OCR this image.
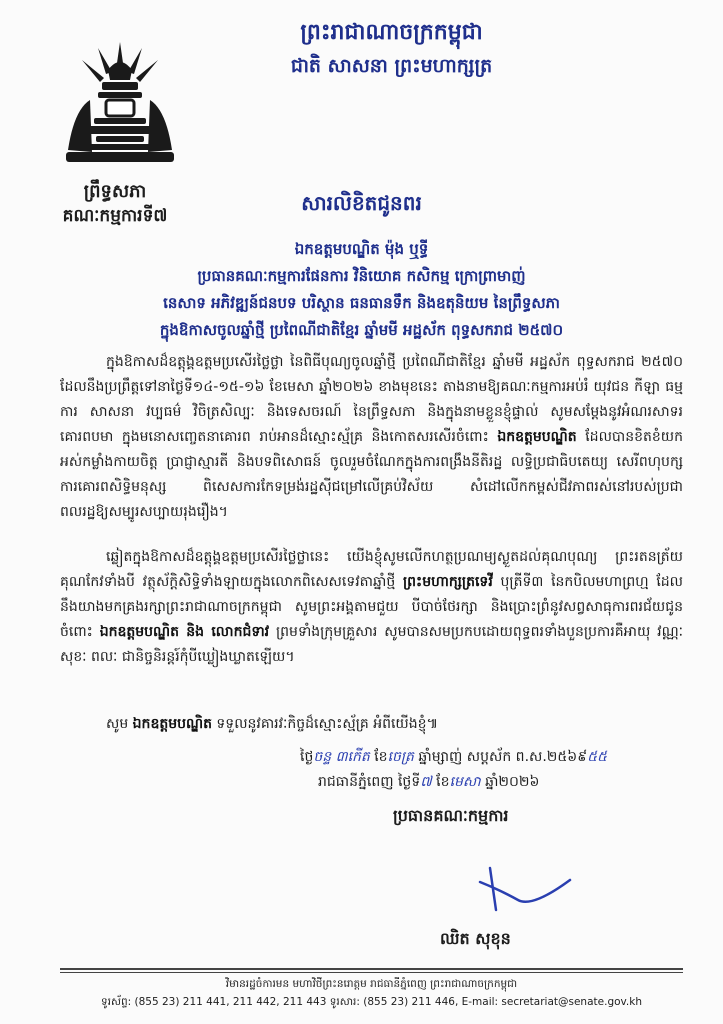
ព្រះរាជាណាចក្រកម្ពុជា
ជាតិ សាសនា ព្រះមហាក្សត្រ
ព្រឹទ្ធសភា
គណៈកម្មការទី៧
សារលិខិតជូនពរ
ឯកឧត្តមបណ្ឌិត ម៉ុង ឬទ្ធី
ប្រធានគណៈកម្មការផែនការ វិនិយោគ កសិកម្ម ក្រោព្រាមាញ់
នេសាទ អភិវឌ្ឍន៍ជនបទ បរិស្ថាន ធនធានទឹក និងឧតុនិយម នៃព្រឹទ្ធសភា
ក្នុងឱកាសចូលឆ្នាំថ្មី ប្រពៃណីជាតិខ្មែរ ឆ្នាំមមី អដ្ឋស័ក ពុទ្ធសករាជ ២៥៧០

ក្នុងឱកាសដ៏ឧត្តុង្គឧត្តមប្រសើរថ្លៃថ្លា នៃពិធីបុណ្យចូលឆ្នាំថ្មី ប្រពៃណីជាតិខ្មែរ ឆ្នាំមមី អដ្ឋស័ក ពុទ្ធសករាជ ២៥៧០ ដែលនឹងប្រព្រឹត្តទៅនាថ្ងៃទី១៤-១៥-១៦ ខែមេសា ឆ្នាំ២០២៦ ខាងមុខនេះ តាងនាមឱ្យគណៈកម្មការអប់រំ យុវជន កីឡា ធម្មការ សាសនា វប្បធម៌ វិចិត្រសិល្បៈ និងទេសចរណ៍ នៃព្រឹទ្ធសភា និងក្នុងនាមខ្លួនខ្ញុំផ្ទាល់ សូមសម្តែងនូវអំណរសាទរគោរពបមា ក្នុងមនោសញ្ចេតនាគោរព រាប់អានដ៏ស្មោះស្ម័គ្រ និងកោតសរសើរចំពោះ ឯកឧត្តមបណ្ឌិត ដែលបានខិតខំយកអស់កម្លាំងកាយចិត្ត ប្រាជ្ញាស្មារតី និងបទពិសោធន៍ ចូលរួមចំណែកក្នុងការពង្រឹងនីតិរដ្ឋ លទ្ធិប្រជាធិបតេយ្យ សេរីពហុបក្ស ការគោរពសិទ្ធិមនុស្ស ពិសេសការកែទម្រង់រដ្ឋស៊ីជម្រៅលើគ្រប់វិស័យ សំដៅលើកកម្ពស់ជីវភាពរស់នៅរបស់ប្រជាពលរដ្ឋឱ្យសម្បូរសប្បាយរុងរឿង។

ឆ្លៀតក្នុងឱកាសដ៏ឧត្តុង្គឧត្តមប្រសើរថ្លៃថ្លានេះ យើងខ្ញុំសូមលើកហត្ថប្រណម្យស្ងួតដល់គុណបុណ្យ ព្រះរតនត្រ័យគុណកែវទាំងបី វត្ថុស័ក្តិសិទ្ធិទាំងឡាយក្នុងលោកពិសេសទេវតាឆ្នាំថ្មី ព្រះមហាក្សត្រទេវី បុត្រីទី៣ នៃកបិលមហាព្រហ្ម ដែលនឹងយាងមកគ្រងរក្សាព្រះរាជាណាចក្រកម្ពុជា សូមព្រះអង្គតាមជួយ បីបាច់ថែរក្សា និងប្រោះព្រំនូវសព្វសាធុការពរជ័យជូនចំពោះ ឯកឧត្តមបណ្ឌិត និង លោកជំទាវ ព្រមទាំងក្រុមគ្រួសារ សូមបានសមប្រកបដោយពុទ្ធពរទាំងបួនប្រការគឺអាយុ វណ្ណៈ សុខៈ ពលៈ ជានិច្ចនិរន្តរ៍កុំបីឃ្លៀងឃ្លាតឡើយ។

សូម ឯកឧត្តមបណ្ឌិត ទទួលនូវគារវៈកិច្ចដ៏ស្មោះស្ម័គ្រ អំពីយើងខ្ញុំ៕

ថ្ងៃចន្ទ ៣កើត ខែចេត្រ ឆ្នាំម្សាញ់ សប្តស័ក ព.ស.២៥៦៩៥៥
រាជធានីភ្នំពេញ ថ្ងៃទី៧ ខែមេសា ឆ្នាំ២០២៦
ប្រធានគណៈកម្មការ
ឈិត សុខុន
វិមានរដ្ឋចំការមន មហាវិថីព្រះនរោត្តម រាជធានីភ្នំពេញ ព្រះរាជាណាចក្រកម្ពុជា
ទូរស័ព្ទ: (855 23) 211 441, 211 442, 211 443 ទូរសារ: (855 23) 211 446, E-mail: secretariat@senate.gov.kh
